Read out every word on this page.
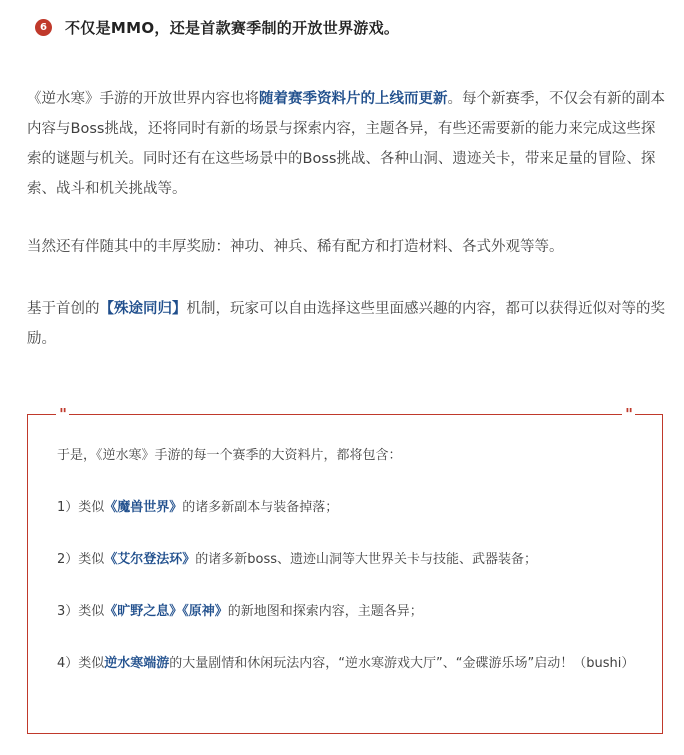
6	不仅是MMO，还是首款赛季制的开放世界游戏。

《逆水寒》手游的开放世界内容也将随着赛季资料片的上线而更新。每个新赛季，不仅会有新的副本内容与Boss挑战，还将同时有新的场景与探索内容，主题各异，有些还需要新的能力来完成这些探索的谜题与机关。同时还有在这些场景中的Boss挑战、各种山洞、遗迹关卡，带来足量的冒险、探索、战斗和机关挑战等。

当然还有伴随其中的丰厚奖励：神功、神兵、稀有配方和打造材料、各式外观等等。

基于首创的【殊途同归】机制，玩家可以自由选择这些里面感兴趣的内容，都可以获得近似对等的奖励。

"	"

于是，《逆水寒》手游的每一个赛季的大资料片，都将包含：

1）类似《魔兽世界》的诸多新副本与装备掉落；

2）类似《艾尔登法环》的诸多新boss、遗迹山洞等大世界关卡与技能、武器装备；

3）类似《旷野之息》《原神》的新地图和探索内容，主题各异；

4）类似逆水寒端游的大量剧情和休闲玩法内容，“逆水寒游戏大厅”、“金碟游乐场”启动！（bushi）
